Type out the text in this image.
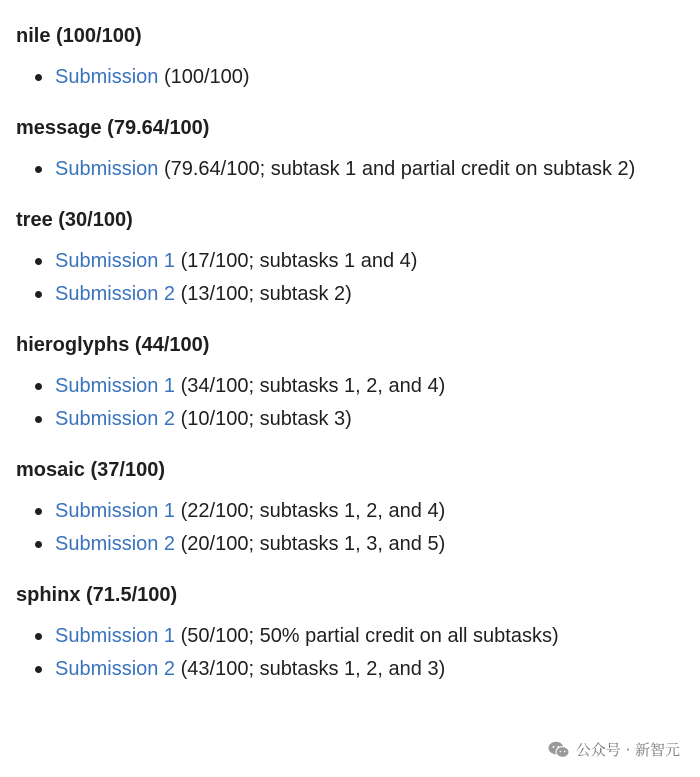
nile (100/100)
Submission (100/100)
message (79.64/100)
Submission (79.64/100; subtask 1 and partial credit on subtask 2)
tree (30/100)
Submission 1 (17/100; subtasks 1 and 4)
Submission 2 (13/100; subtask 2)
hieroglyphs (44/100)
Submission 1 (34/100; subtasks 1, 2, and 4)
Submission 2 (10/100; subtask 3)
mosaic (37/100)
Submission 1 (22/100; subtasks 1, 2, and 4)
Submission 2 (20/100; subtasks 1, 3, and 5)
sphinx (71.5/100)
Submission 1 (50/100; 50% partial credit on all subtasks)
Submission 2 (43/100; subtasks 1, 2, and 3)
公众号 · 新智元
